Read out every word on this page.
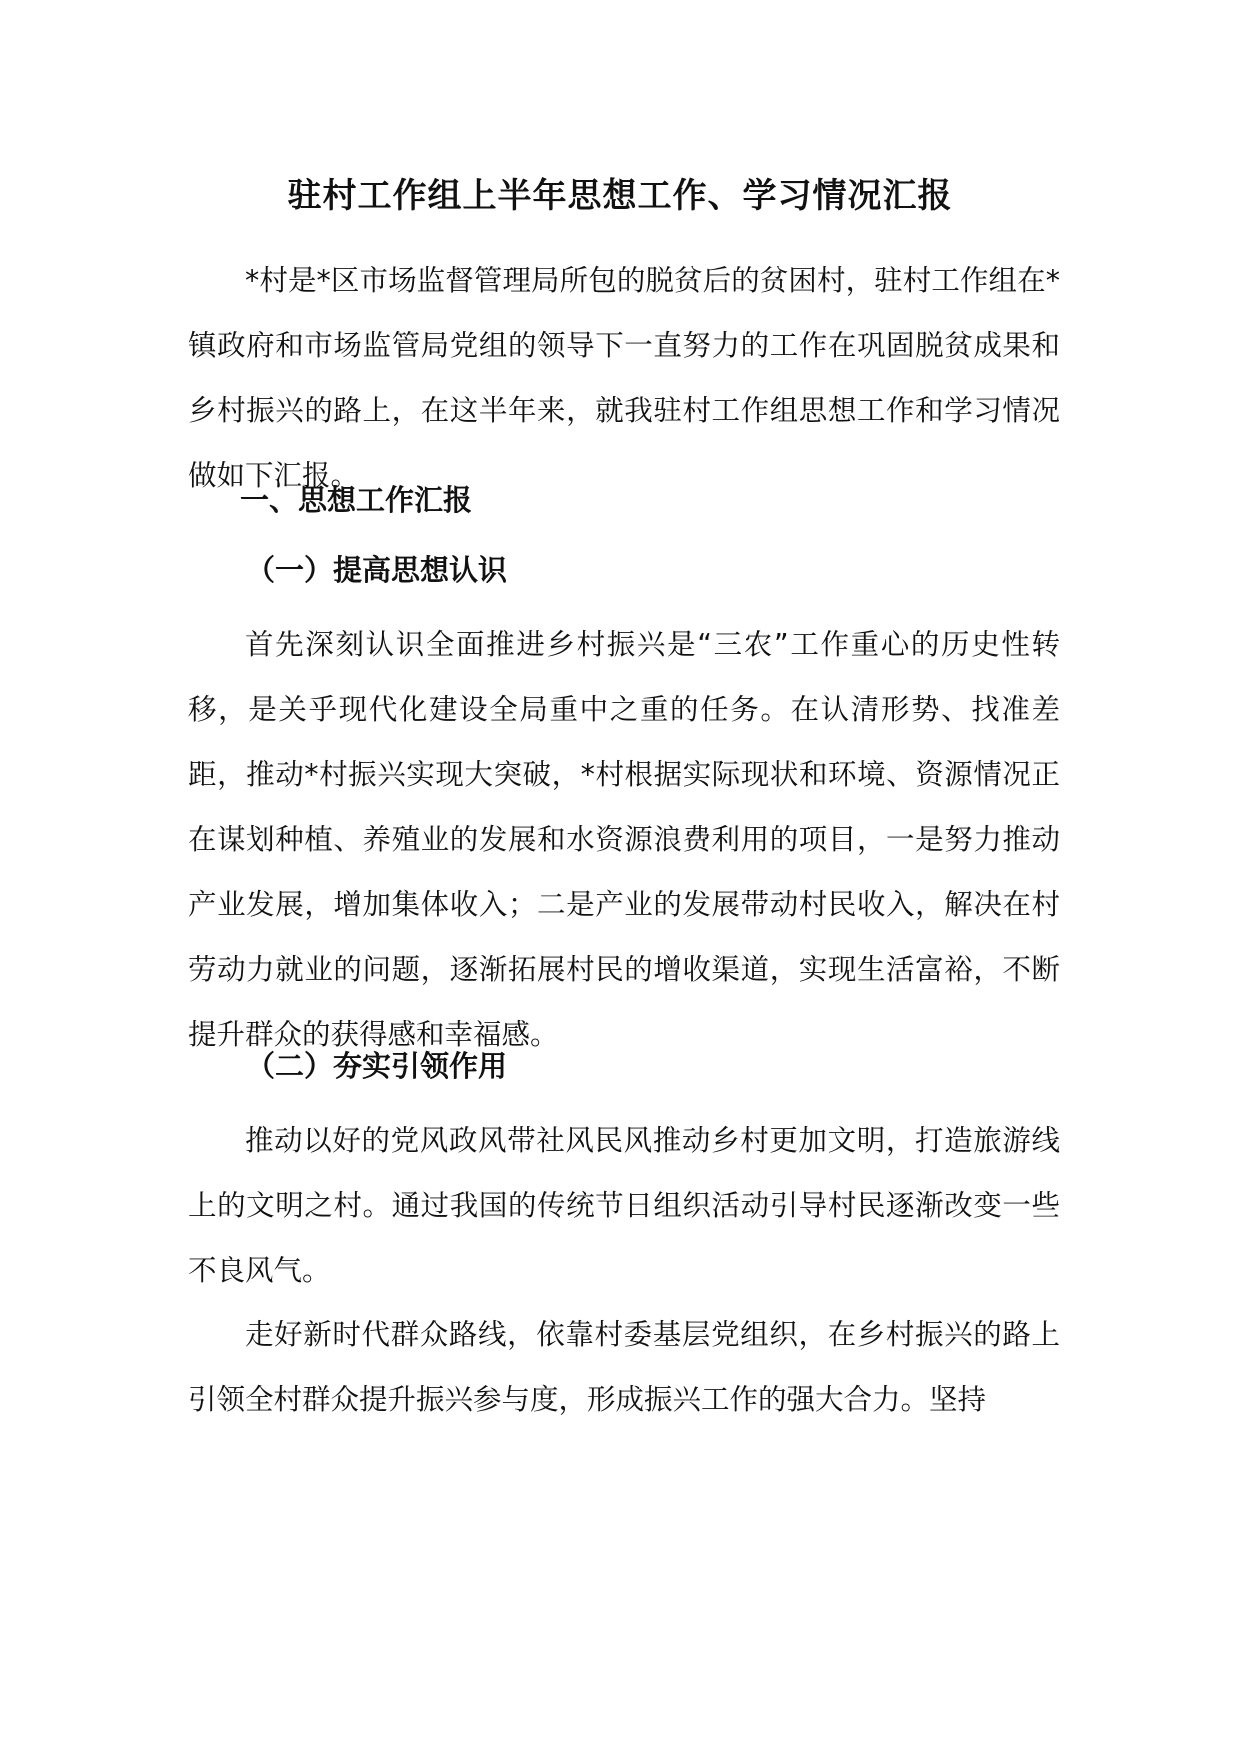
驻村工作组上半年思想工作、学习情况汇报

*村是*区市场监督管理局所包的脱贫后的贫困村，驻村工作组在*镇政府和市场监管局党组的领导下一直努力的工作在巩固脱贫成果和乡村振兴的路上，在这半年来，就我驻村工作组思想工作和学习情况做如下汇报。

一、思想工作汇报
（一）提高思想认识

首先深刻认识全面推进乡村振兴是“三农”工作重心的历史性转移，是关乎现代化建设全局重中之重的任务。在认清形势、找准差距，推动*村振兴实现大突破，*村根据实际现状和环境、资源情况正在谋划种植、养殖业的发展和水资源浪费利用的项目，一是努力推动产业发展，增加集体收入；二是产业的发展带动村民收入，解决在村劳动力就业的问题，逐渐拓展村民的增收渠道，实现生活富裕，不断提升群众的获得感和幸福感。

（二）夯实引领作用

推动以好的党风政风带社风民风推动乡村更加文明，打造旅游线上的文明之村。通过我国的传统节日组织活动引导村民逐渐改变一些不良风气。

走好新时代群众路线，依靠村委基层党组织，在乡村振兴的路上引领全村群众提升振兴参与度，形成振兴工作的强大合力。坚持
